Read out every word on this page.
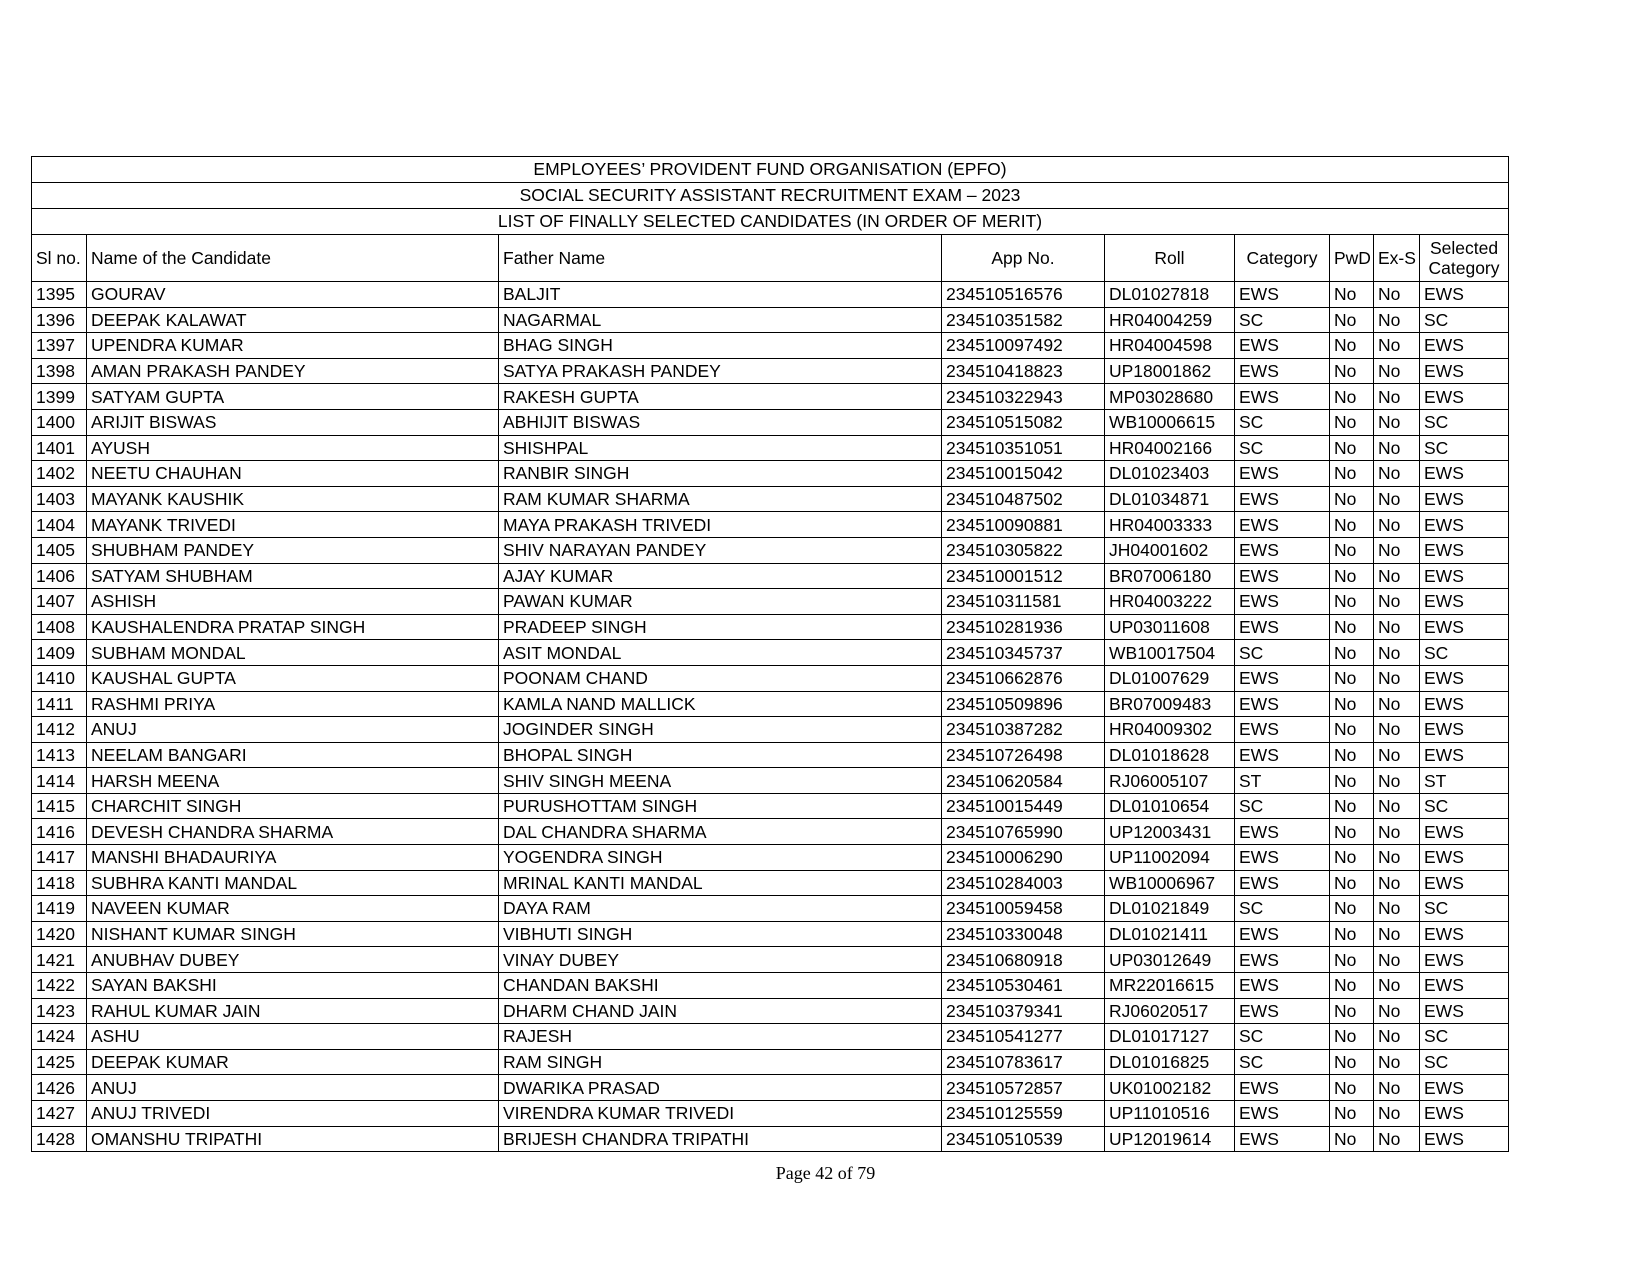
EMPLOYEES’ PROVIDENT FUND ORGANISATION (EPFO)								
SOCIAL SECURITY ASSISTANT RECRUITMENT EXAM – 2023								
LIST OF FINALLY SELECTED CANDIDATES (IN ORDER OF MERIT)								
Sl no.	Name of the Candidate	Father Name	App No.	Roll	Category	PwD	Ex-S	Selected
Category
1395	GOURAV	BALJIT	234510516576	DL01027818	EWS	No	No	EWS
1396	DEEPAK KALAWAT	NAGARMAL	234510351582	HR04004259	SC	No	No	SC
1397	UPENDRA KUMAR	BHAG SINGH	234510097492	HR04004598	EWS	No	No	EWS
1398	AMAN PRAKASH PANDEY	SATYA PRAKASH PANDEY	234510418823	UP18001862	EWS	No	No	EWS
1399	SATYAM GUPTA	RAKESH GUPTA	234510322943	MP03028680	EWS	No	No	EWS
1400	ARIJIT BISWAS	ABHIJIT BISWAS	234510515082	WB10006615	SC	No	No	SC
1401	AYUSH	SHISHPAL	234510351051	HR04002166	SC	No	No	SC
1402	NEETU CHAUHAN	RANBIR SINGH	234510015042	DL01023403	EWS	No	No	EWS
1403	MAYANK KAUSHIK	RAM KUMAR SHARMA	234510487502	DL01034871	EWS	No	No	EWS
1404	MAYANK TRIVEDI	MAYA PRAKASH TRIVEDI	234510090881	HR04003333	EWS	No	No	EWS
1405	SHUBHAM PANDEY	SHIV NARAYAN PANDEY	234510305822	JH04001602	EWS	No	No	EWS
1406	SATYAM SHUBHAM	AJAY KUMAR	234510001512	BR07006180	EWS	No	No	EWS
1407	ASHISH	PAWAN KUMAR	234510311581	HR04003222	EWS	No	No	EWS
1408	KAUSHALENDRA PRATAP SINGH	PRADEEP SINGH	234510281936	UP03011608	EWS	No	No	EWS
1409	SUBHAM MONDAL	ASIT MONDAL	234510345737	WB10017504	SC	No	No	SC
1410	KAUSHAL GUPTA	POONAM CHAND	234510662876	DL01007629	EWS	No	No	EWS
1411	RASHMI PRIYA	KAMLA NAND MALLICK	234510509896	BR07009483	EWS	No	No	EWS
1412	ANUJ	JOGINDER SINGH	234510387282	HR04009302	EWS	No	No	EWS
1413	NEELAM BANGARI	BHOPAL SINGH	234510726498	DL01018628	EWS	No	No	EWS
1414	HARSH MEENA	SHIV SINGH MEENA	234510620584	RJ06005107	ST	No	No	ST
1415	CHARCHIT SINGH	PURUSHOTTAM SINGH	234510015449	DL01010654	SC	No	No	SC
1416	DEVESH CHANDRA SHARMA	DAL CHANDRA SHARMA	234510765990	UP12003431	EWS	No	No	EWS
1417	MANSHI BHADAURIYA	YOGENDRA SINGH	234510006290	UP11002094	EWS	No	No	EWS
1418	SUBHRA KANTI MANDAL	MRINAL KANTI MANDAL	234510284003	WB10006967	EWS	No	No	EWS
1419	NAVEEN KUMAR	DAYA RAM	234510059458	DL01021849	SC	No	No	SC
1420	NISHANT KUMAR SINGH	VIBHUTI SINGH	234510330048	DL01021411	EWS	No	No	EWS
1421	ANUBHAV DUBEY	VINAY DUBEY	234510680918	UP03012649	EWS	No	No	EWS
1422	SAYAN BAKSHI	CHANDAN BAKSHI	234510530461	MR22016615	EWS	No	No	EWS
1423	RAHUL KUMAR JAIN	DHARM CHAND JAIN	234510379341	RJ06020517	EWS	No	No	EWS
1424	ASHU	RAJESH	234510541277	DL01017127	SC	No	No	SC
1425	DEEPAK KUMAR	RAM SINGH	234510783617	DL01016825	SC	No	No	SC
1426	ANUJ	DWARIKA PRASAD	234510572857	UK01002182	EWS	No	No	EWS
1427	ANUJ TRIVEDI	VIRENDRA KUMAR TRIVEDI	234510125559	UP11010516	EWS	No	No	EWS
1428	OMANSHU TRIPATHI	BRIJESH CHANDRA TRIPATHI	234510510539	UP12019614	EWS	No	No	EWS
Page 42 of 79
